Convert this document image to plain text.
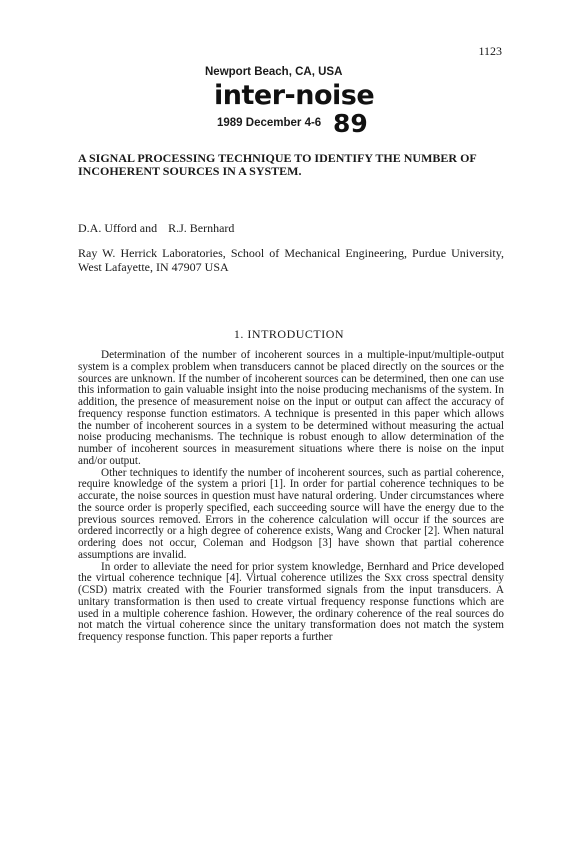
1123
Newport Beach, CA, USA
inter-noise
1989 December 4-6 89
A SIGNAL PROCESSING TECHNIQUE TO IDENTIFY THE NUMBER OF INCOHERENT SOURCES IN A SYSTEM.
D.A. Ufford and R.J. Bernhard
Ray W. Herrick Laboratories, School of Mechanical Engineering, Purdue University, West Lafayette, IN 47907 USA
1. INTRODUCTION

Determination of the number of incoherent sources in a multiple-input/multiple-output system is a complex problem when transducers cannot be placed directly on the sources or the sources are unknown. If the number of incoherent sources can be determined, then one can use this information to gain valuable insight into the noise producing mechanisms of the system. In addition, the presence of measurement noise on the input or output can affect the accuracy of frequency response function estimators. A technique is presented in this paper which allows the number of incoherent sources in a system to be determined without measuring the actual noise producing mechanisms. The technique is robust enough to allow determination of the number of incoherent sources in measurement situations where there is noise on the input and/or output.

Other techniques to identify the number of incoherent sources, such as partial coherence, require knowledge of the system a priori [1]. In order for partial coherence techniques to be accurate, the noise sources in question must have natural ordering. Under circumstances where the source order is properly specified, each succeeding source will have the energy due to the previous sources removed. Errors in the coherence calculation will occur if the sources are ordered incorrectly or a high degree of coherence exists, Wang and Crocker [2]. When natural ordering does not occur, Coleman and Hodgson [3] have shown that partial coherence assumptions are invalid.

In order to alleviate the need for prior system knowledge, Bernhard and Price developed the virtual coherence technique [4]. Virtual coherence utilizes the Sxx cross spectral density (CSD) matrix created with the Fourier transformed signals from the input transducers. A unitary transformation is then used to create virtual frequency response functions which are used in a multiple coherence fashion. However, the ordinary coherence of the real sources do not match the virtual coherence since the unitary transformation does not match the system frequency response function. This paper reports a further
